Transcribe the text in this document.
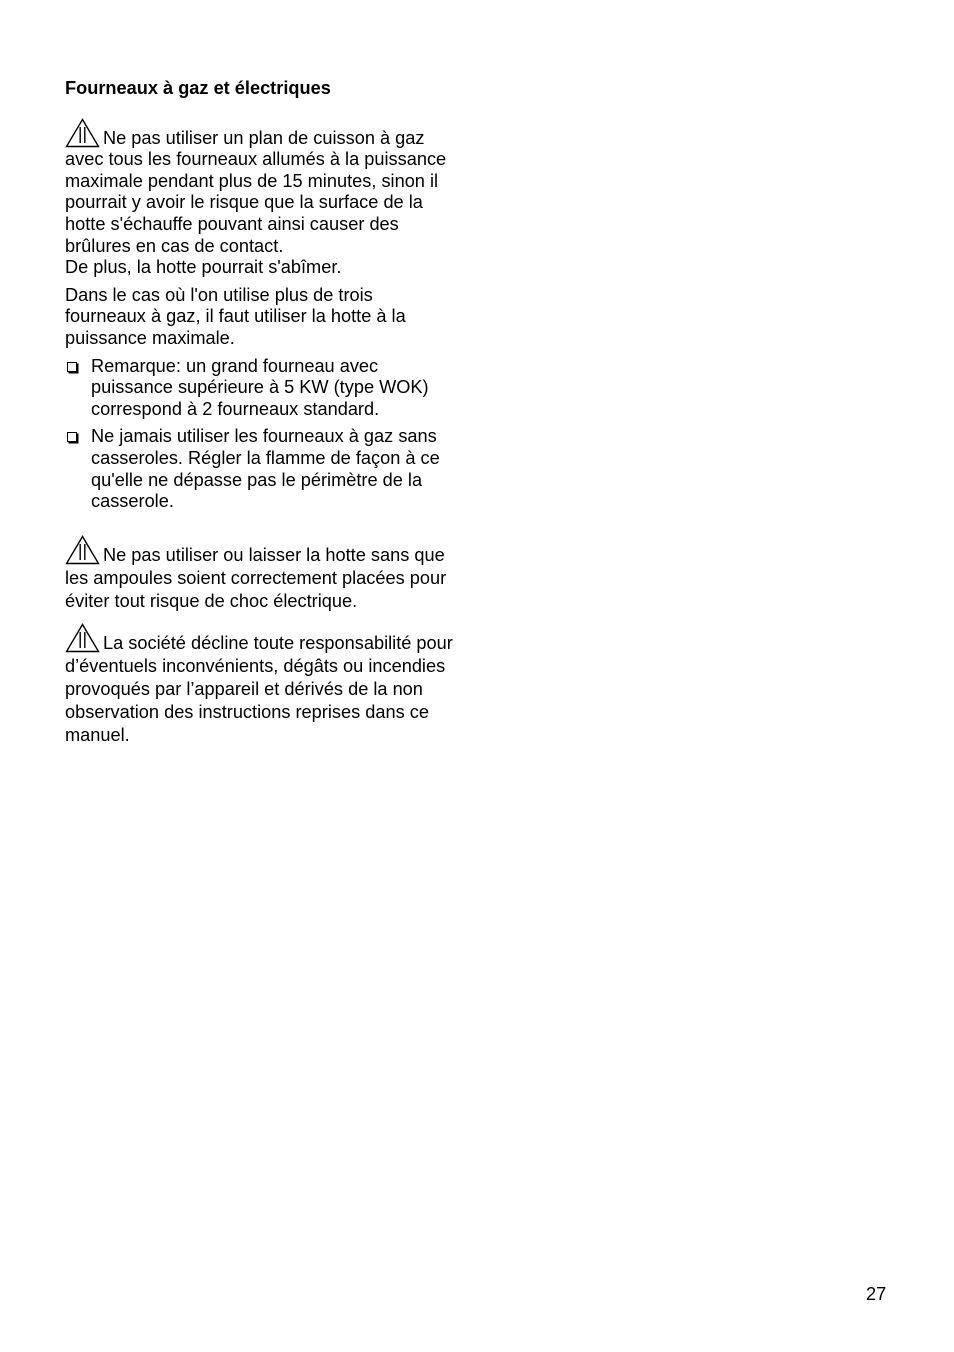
Fourneaux à gaz et électriques

Ne pas utiliser un plan de cuisson à gaz avec tous les fourneaux allumés à la puissance maximale pendant plus de 15 minutes, sinon il pourrait y avoir le risque que la surface de la hotte s'échauffe pouvant ainsi causer des brûlures en cas de contact.

De plus, la hotte pourrait s'abîmer.

Dans le cas où l'on utilise plus de trois fourneaux à gaz, il faut utiliser la hotte à la puissance maximale.

Remarque: un grand fourneau avec puissance supérieure à 5 KW (type WOK) correspond à 2 fourneaux standard.
Ne jamais utiliser les fourneaux à gaz sans casseroles. Régler la flamme de façon à ce qu'elle ne dépasse pas le périmètre de la casserole.

Ne pas utiliser ou laisser la hotte sans que les ampoules soient correctement placées pour éviter tout risque de choc électrique.

La société décline toute responsabilité pour d’éventuels inconvénients, dégâts ou incendies provoqués par l’appareil et dérivés de la non observation des instructions reprises dans ce manuel.

27
